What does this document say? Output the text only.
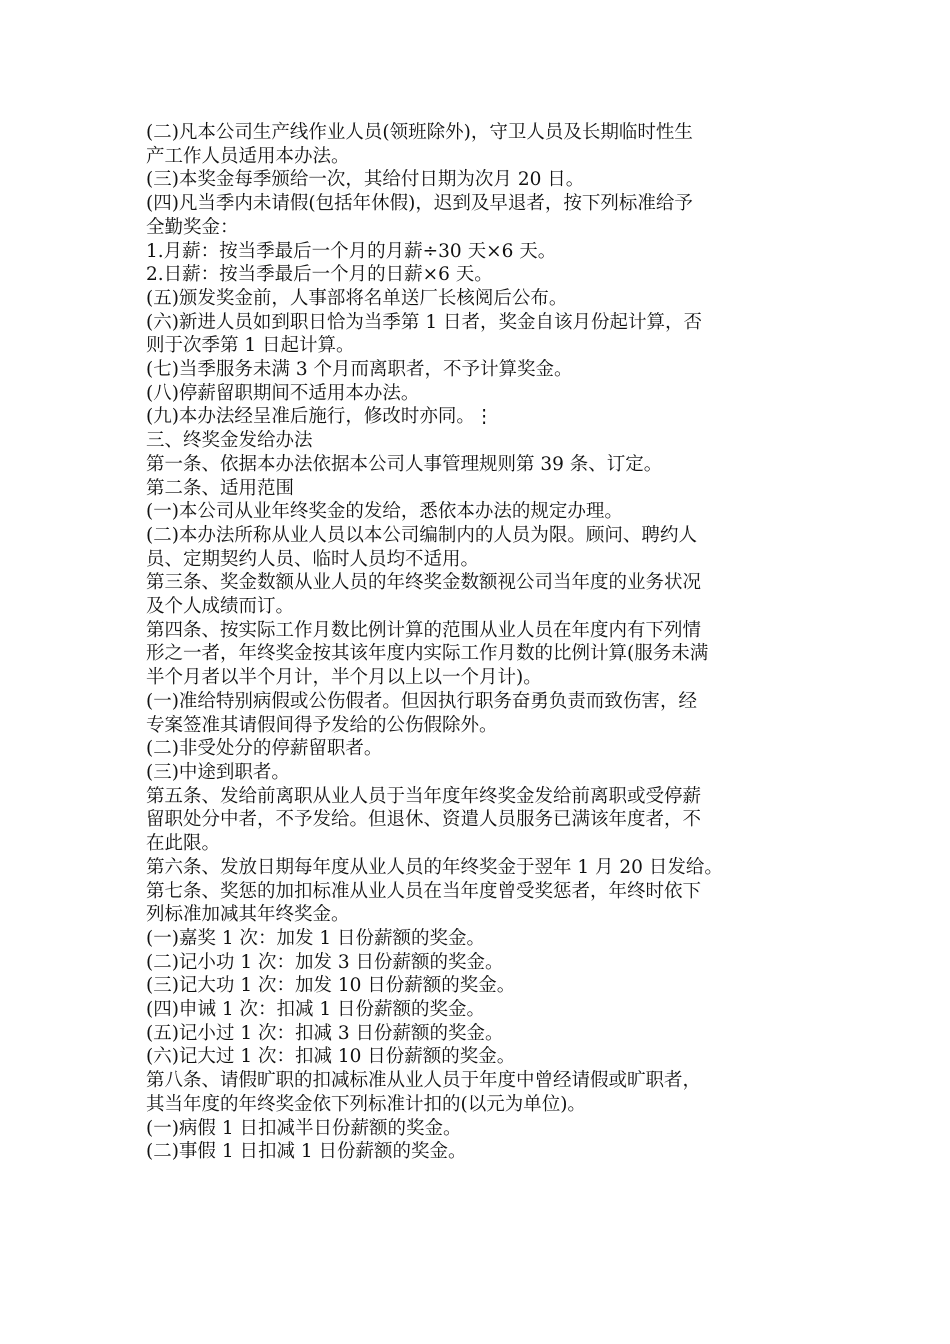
(二)凡本公司生产线作业人员(领班除外)，守卫人员及长期临时性生
产工作人员适用本办法。
(三)本奖金每季颁给一次，其给付日期为次月 20 日。
(四)凡当季内未请假(包括年休假)，迟到及早退者，按下列标准给予
全勤奖金：
1.月薪：按当季最后一个月的月薪÷30 天×6 天。
2.日薪：按当季最后一个月的日薪×6 天。
(五)颁发奖金前，人事部将名单送厂长核阅后公布。
(六)新进人员如到职日恰为当季第 1 日者，奖金自该月份起计算，否
则于次季第 1 日起计算。
(七)当季服务未满 3 个月而离职者，不予计算奖金。
(八)停薪留职期间不适用本办法。
(九)本办法经呈准后施行，修改时亦同。⋮
三、终奖金发给办法
第一条、依据本办法依据本公司人事管理规则第 39 条、订定。
第二条、适用范围
(一)本公司从业年终奖金的发给，悉依本办法的规定办理。
(二)本办法所称从业人员以本公司编制内的人员为限。顾问、聘约人
员、定期契约人员、临时人员均不适用。
第三条、奖金数额从业人员的年终奖金数额视公司当年度的业务状况
及个人成绩而订。
第四条、按实际工作月数比例计算的范围从业人员在年度内有下列情
形之一者，年终奖金按其该年度内实际工作月数的比例计算(服务未满
半个月者以半个月计，半个月以上以一个月计)。
(一)准给特别病假或公伤假者。但因执行职务奋勇负责而致伤害，经
专案签准其请假间得予发给的公伤假除外。
(二)非受处分的停薪留职者。
(三)中途到职者。
第五条、发给前离职从业人员于当年度年终奖金发给前离职或受停薪
留职处分中者，不予发给。但退休、资遣人员服务已满该年度者，不
在此限。
第六条、发放日期每年度从业人员的年终奖金于翌年 1 月 20 日发给。
第七条、奖惩的加扣标准从业人员在当年度曾受奖惩者，年终时依下
列标准加减其年终奖金。
(一)嘉奖 1 次：加发 1 日份薪额的奖金。
(二)记小功 1 次：加发 3 日份薪额的奖金。
(三)记大功 1 次：加发 10 日份薪额的奖金。
(四)申诫 1 次：扣减 1 日份薪额的奖金。
(五)记小过 1 次：扣减 3 日份薪额的奖金。
(六)记大过 1 次：扣减 10 日份薪额的奖金。
第八条、请假旷职的扣减标准从业人员于年度中曾经请假或旷职者，
其当年度的年终奖金依下列标准计扣的(以元为单位)。
(一)病假 1 日扣减半日份薪额的奖金。
(二)事假 1 日扣减 1 日份薪额的奖金。
